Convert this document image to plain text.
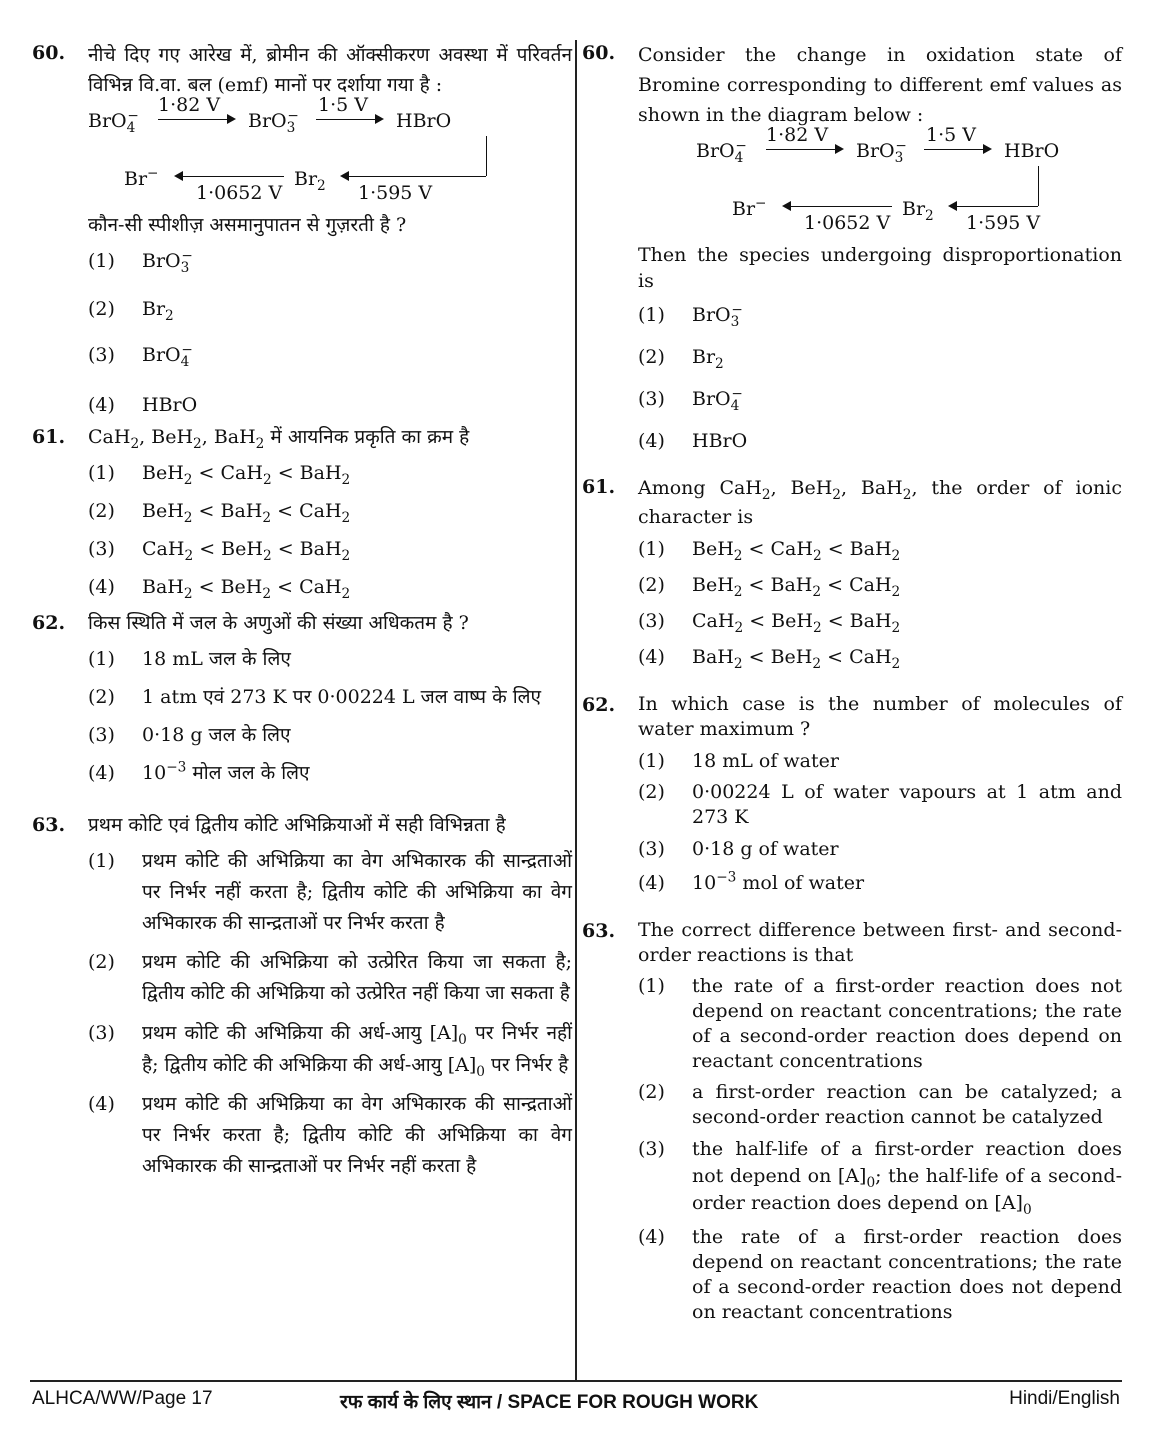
60. नीचे दिए गए आरेख में, ब्रोमीन की ऑक्सीकरण अवस्था में परिवर्तन विभिन्न वि.वा. बल (emf) मानों पर दर्शाया गया है :
BrO$_4$− 1·82 V
BrO$_3$− 1·5 V
HBrO
1·595 V
$Br_2$
1·0652 V
Br−
कौन-सी स्पीशीज़ असमानुपातन से गुज़रती है ?
(1) BrO$_3$−
(2) $Br_2$
(3) BrO$_4$−
(4) HBrO
61. CaH$_2$, BeH$_2$, BaH$_2$ में आयनिक प्रकृति का क्रम है
(1) BeH$_2$ < CaH$_2$ < BaH$_2$
(2) BeH$_2$ < BaH$_2$ < CaH$_2$
(3) CaH$_2$ < BeH$_2$ < BaH$_2$
(4) BaH$_2$ < BeH$_2$ < CaH$_2$
62. किस स्थिति में जल के अणुओं की संख्या अधिकतम है ?
(1) 18 mL जल के लिए
(2) 1 atm एवं 273 K पर 0·00224 L जल वाष्प के लिए
(3) 0·18 g जल के लिए
(4) $10^{-3}$ मोल जल के लिए
63. प्रथम कोटि एवं द्वितीय कोटि अभिक्रियाओं में सही विभिन्नता है
(1) प्रथम कोटि की अभिक्रिया का वेग अभिकारक की सान्द्रताओं पर निर्भर नहीं करता है; द्वितीय कोटि की अभिक्रिया का वेग अभिकारक की सान्द्रताओं पर निर्भर करता है
(2) प्रथम कोटि की अभिक्रिया को उत्प्रेरित किया जा सकता है; द्वितीय कोटि की अभिक्रिया को उत्प्रेरित नहीं किया जा सकता है
(3) प्रथम कोटि की अभिक्रिया की अर्ध-आयु $[A]_0$ पर निर्भर नहीं है; द्वितीय कोटि की अभिक्रिया की अर्ध-आयु $[A]_0$ पर निर्भर है
(4) प्रथम कोटि की अभिक्रिया का वेग अभिकारक की सान्द्रताओं पर निर्भर करता है; द्वितीय कोटि की अभिक्रिया का वेग अभिकारक की सान्द्रताओं पर निर्भर नहीं करता है
60. Consider the change in oxidation state of Bromine corresponding to different emf values as shown in the diagram below :
BrO$_4$− 1·82 V
BrO$_3$− 1·5 V
HBrO
1·595 V
$Br_2$
1·0652 V
Br−
Then the species undergoing disproportionation is
(1) BrO$_3$−
(2) $Br_2$
(3) BrO$_4$−
(4) HBrO
61. Among CaH$_2$, BeH$_2$, BaH$_2$, the order of ionic character is
(1) BeH$_2$ < CaH$_2$ < BaH$_2$
(2) BeH$_2$ < BaH$_2$ < CaH$_2$
(3) CaH$_2$ < BeH$_2$ < BaH$_2$
(4) BaH$_2$ < BeH$_2$ < CaH$_2$
62. In which case is the number of molecules of water maximum ?
(1) 18 mL of water
(2) 0·00224 L of water vapours at 1 atm and 273 K
(3) 0·18 g of water
(4) $10^{-3}$ mol of water
63. The correct difference between first- and second-order reactions is that
(1) the rate of a first-order reaction does not depend on reactant concentrations; the rate of a second-order reaction does depend on reactant concentrations
(2) a first-order reaction can be catalyzed; a second-order reaction cannot be catalyzed
(3) the half-life of a first-order reaction does not depend on $[A]_0$; the half-life of a second-order reaction does depend on $[A]_0$
(4) the rate of a first-order reaction does depend on reactant concentrations; the rate of a second-order reaction does not depend on reactant concentrations
ALHCA/WW/Page 17	रफ कार्य के लिए स्थान / SPACE FOR ROUGH WORK	Hindi/English
